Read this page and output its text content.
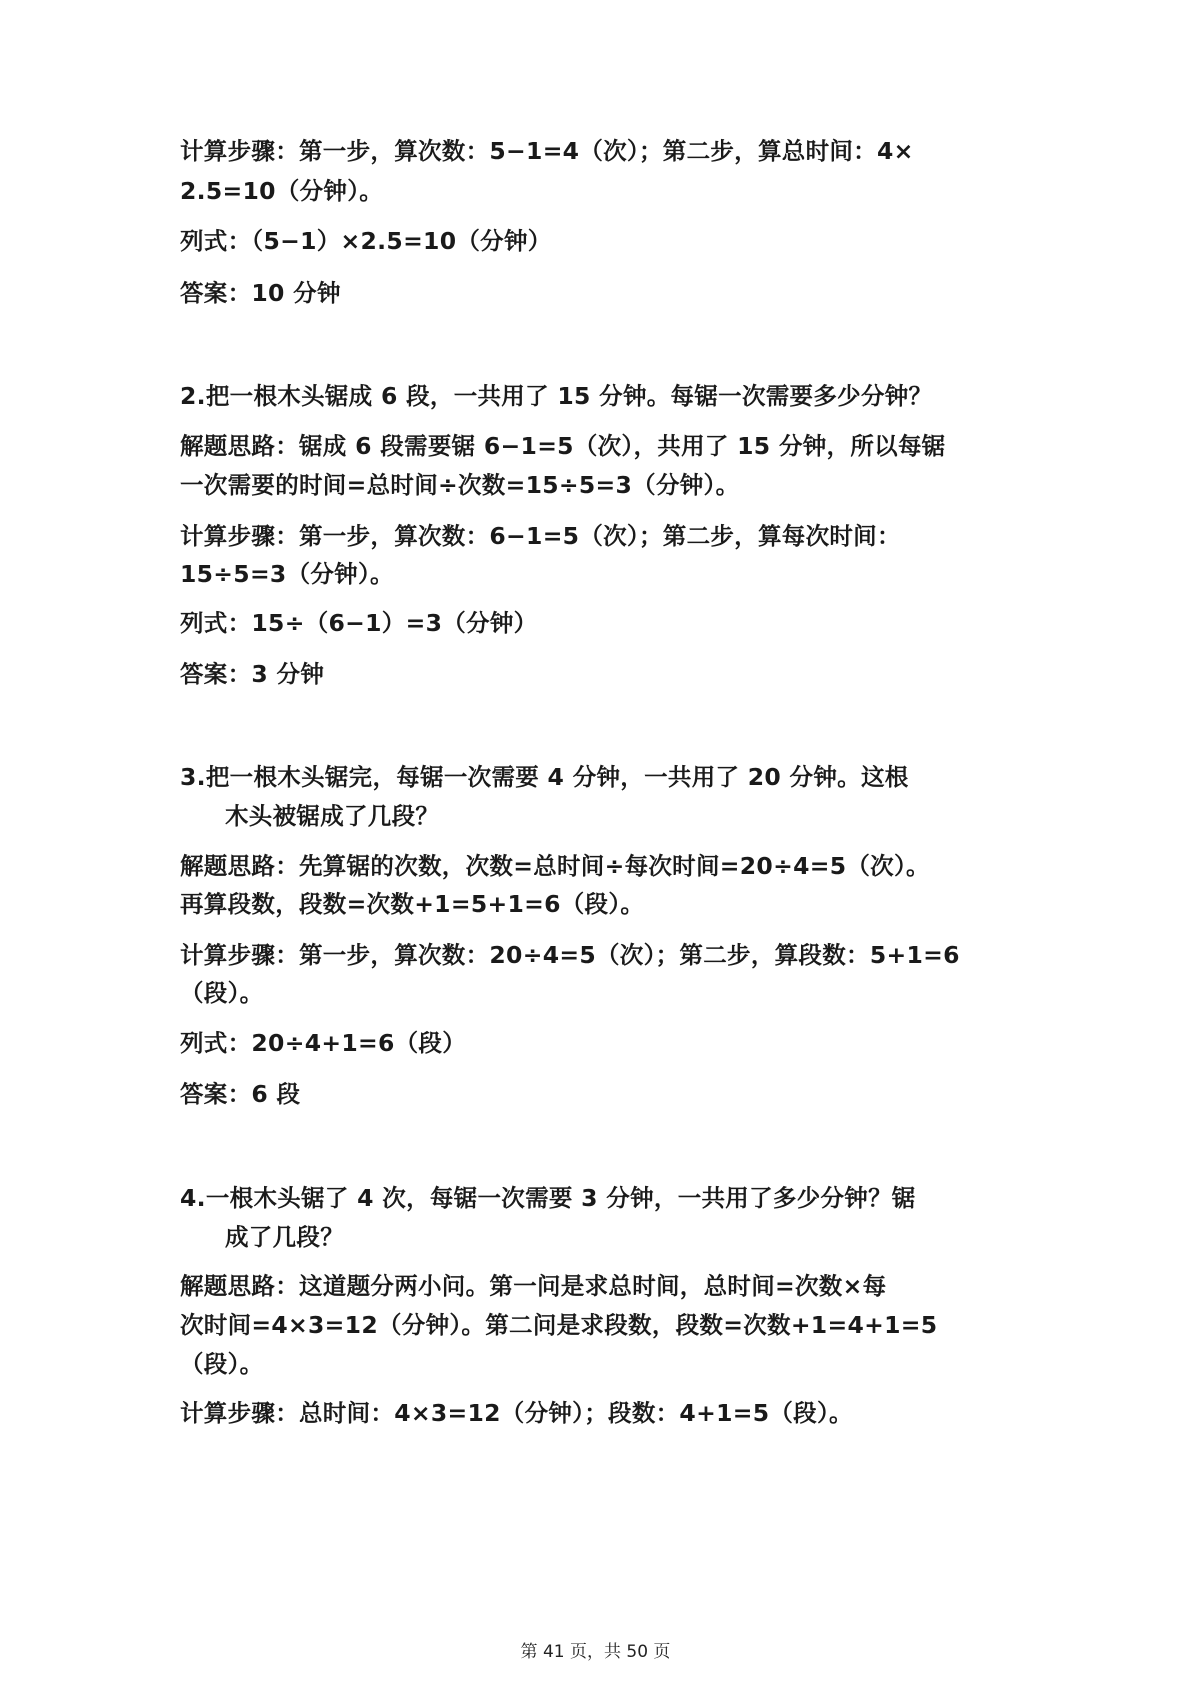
计算步骤：第一步，算次数：5−1=4（次）；第二步，算总时间：4×
2.5=10（分钟）。
列式：（5−1）×2.5=10（分钟）
答案：10 分钟
2.把一根木头锯成 6 段，一共用了 15 分钟。每锯一次需要多少分钟？
解题思路：锯成 6 段需要锯 6−1=5（次），共用了 15 分钟，所以每锯
一次需要的时间=总时间÷次数=15÷5=3（分钟）。
计算步骤：第一步，算次数：6−1=5（次）；第二步，算每次时间：
15÷5=3（分钟）。
列式：15÷（6−1）=3（分钟）
答案：3 分钟
3.把一根木头锯完，每锯一次需要 4 分钟，一共用了 20 分钟。这根
木头被锯成了几段？
解题思路：先算锯的次数，次数=总时间÷每次时间=20÷4=5（次）。
再算段数，段数=次数+1=5+1=6（段）。
计算步骤：第一步，算次数：20÷4=5（次）；第二步，算段数：5+1=6
（段）。
列式：20÷4+1=6（段）
答案：6 段
4.一根木头锯了 4 次，每锯一次需要 3 分钟，一共用了多少分钟？锯
成了几段？
解题思路：这道题分两小问。第一问是求总时间，总时间=次数×每
次时间=4×3=12（分钟）。第二问是求段数，段数=次数+1=4+1=5
（段）。
计算步骤：总时间：4×3=12（分钟）；段数：4+1=5（段）。
第 41 页，共 50 页
